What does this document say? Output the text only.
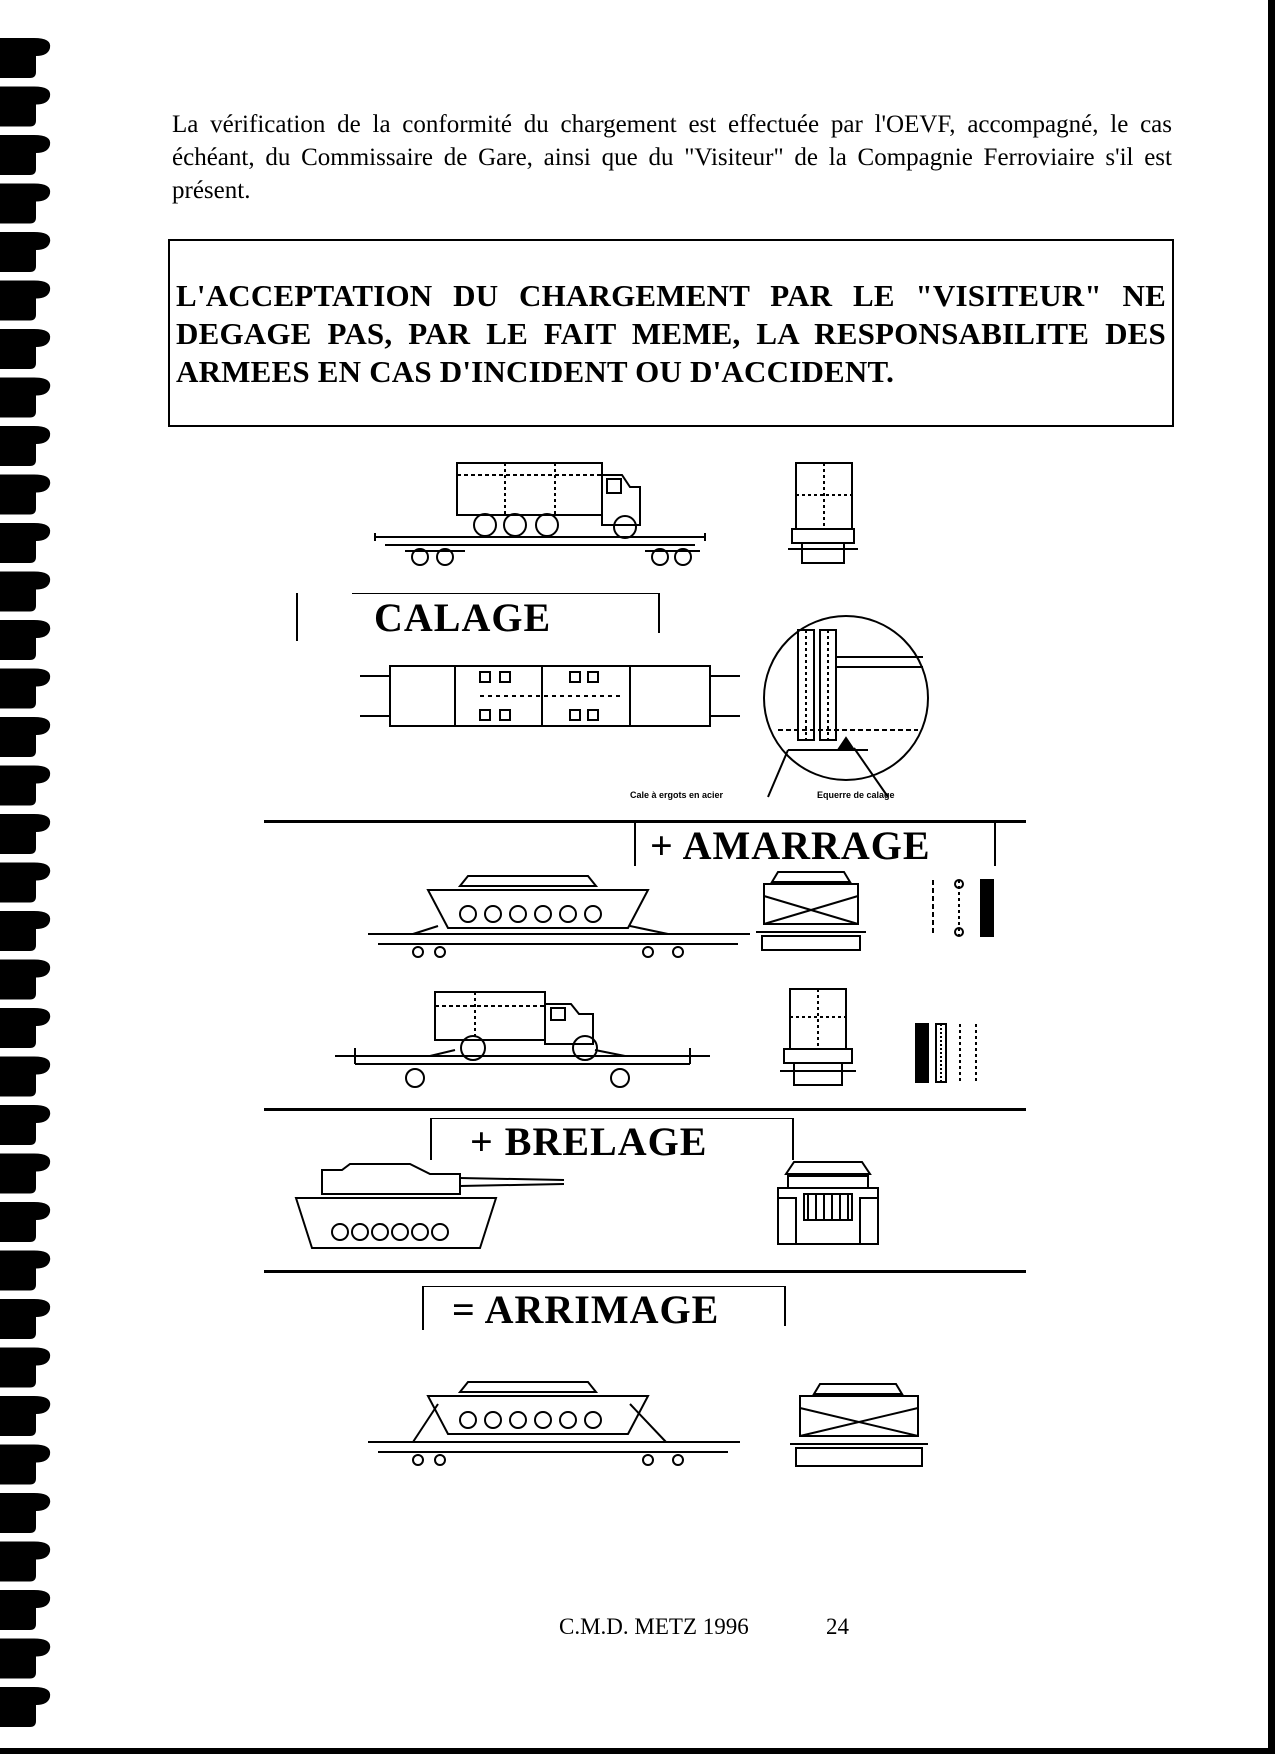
La vérification de la conformité du chargement est effectuée par l'OEVF, accompagné, le cas échéant, du Commissaire de Gare, ainsi que du "Visiteur" de la Compagnie Ferroviaire s'il est présent.
L'ACCEPTATION DU CHARGEMENT PAR LE "VISITEUR" NE DEGAGE PAS, PAR LE FAIT MEME, LA RESPONSABILITE DES ARMEES EN CAS D'INCIDENT OU D'ACCIDENT.
CALAGE
Cale à ergots en acier	Equerre de calage
+ AMARRAGE
+ BRELAGE
= ARRIMAGE
C.M.D. METZ 1996	24
